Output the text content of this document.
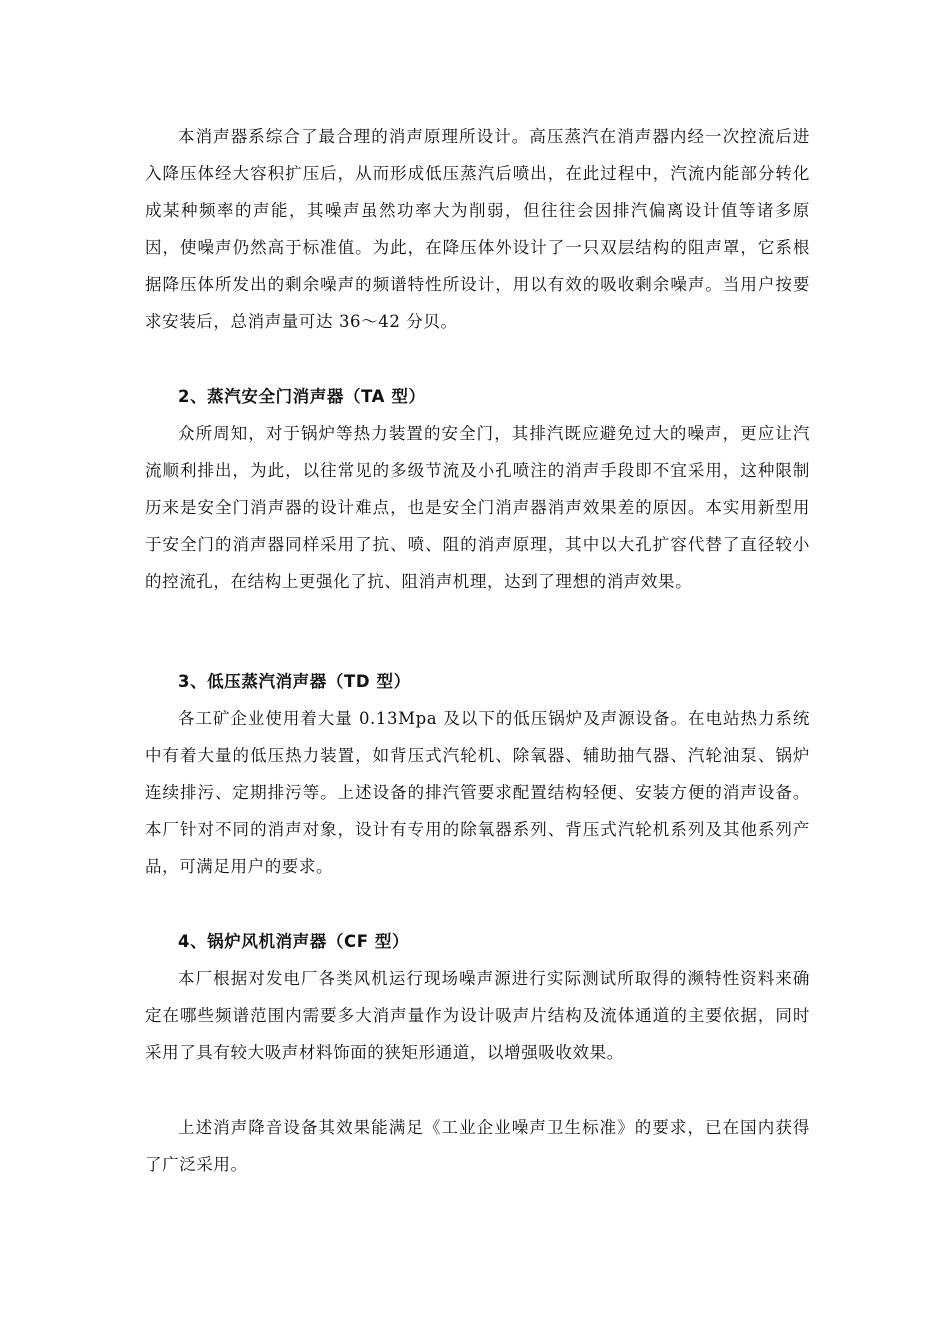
本消声器系综合了最合理的消声原理所设计。高压蒸汽在消声器内经一次控流后进入降压体经大容积扩压后，从而形成低压蒸汽后喷出，在此过程中，汽流内能部分转化成某种频率的声能，其噪声虽然功率大为削弱，但往往会因排汽偏离设计值等诸多原因，使噪声仍然高于标准值。为此，在降压体外设计了一只双层结构的阻声罩，它系根据降压体所发出的剩余噪声的频谱特性所设计，用以有效的吸收剩余噪声。当用户按要求安装后，总消声量可达 36～42 分贝。

2、蒸汽安全门消声器（TA 型）

众所周知，对于锅炉等热力装置的安全门，其排汽既应避免过大的噪声，更应让汽流顺利排出，为此，以往常见的多级节流及小孔喷注的消声手段即不宜采用，这种限制历来是安全门消声器的设计难点，也是安全门消声器消声效果差的原因。本实用新型用于安全门的消声器同样采用了抗、喷、阻的消声原理，其中以大孔扩容代替了直径较小的控流孔，在结构上更强化了抗、阻消声机理，达到了理想的消声效果。

3、低压蒸汽消声器（TD 型）

各工矿企业使用着大量 0.13Mpa 及以下的低压锅炉及声源设备。在电站热力系统中有着大量的低压热力装置，如背压式汽轮机、除氧器、辅助抽气器、汽轮油泵、锅炉连续排污、定期排污等。上述设备的排汽管要求配置结构轻便、安装方便的消声设备。本厂针对不同的消声对象，设计有专用的除氧器系列、背压式汽轮机系列及其他系列产品，可满足用户的要求。

4、锅炉风机消声器（CF 型）

本厂根据对发电厂各类风机运行现场噪声源进行实际测试所取得的濒特性资料来确定在哪些频谱范围内需要多大消声量作为设计吸声片结构及流体通道的主要依据，同时采用了具有较大吸声材料饰面的狭矩形通道，以增强吸收效果。

上述消声降音设备其效果能满足《工业企业噪声卫生标准》的要求，已在国内获得了广泛采用。
